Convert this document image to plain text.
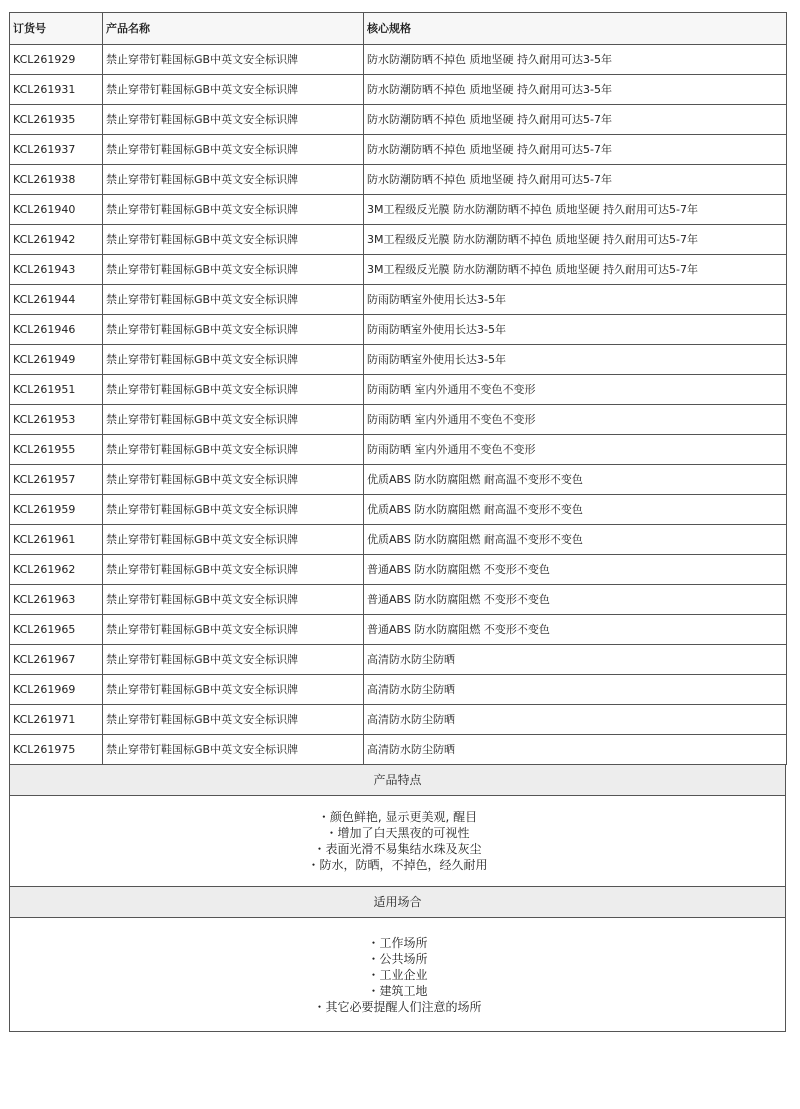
订货号	产品名称	核心规格
KCL261929	禁止穿带钉鞋国标GB中英文安全标识牌	防水防潮防晒不掉色 质地坚硬 持久耐用可达3-5年
KCL261931	禁止穿带钉鞋国标GB中英文安全标识牌	防水防潮防晒不掉色 质地坚硬 持久耐用可达3-5年
KCL261935	禁止穿带钉鞋国标GB中英文安全标识牌	防水防潮防晒不掉色 质地坚硬 持久耐用可达5-7年
KCL261937	禁止穿带钉鞋国标GB中英文安全标识牌	防水防潮防晒不掉色 质地坚硬 持久耐用可达5-7年
KCL261938	禁止穿带钉鞋国标GB中英文安全标识牌	防水防潮防晒不掉色 质地坚硬 持久耐用可达5-7年
KCL261940	禁止穿带钉鞋国标GB中英文安全标识牌	3M工程级反光膜 防水防潮防晒不掉色 质地坚硬 持久耐用可达5-7年
KCL261942	禁止穿带钉鞋国标GB中英文安全标识牌	3M工程级反光膜 防水防潮防晒不掉色 质地坚硬 持久耐用可达5-7年
KCL261943	禁止穿带钉鞋国标GB中英文安全标识牌	3M工程级反光膜 防水防潮防晒不掉色 质地坚硬 持久耐用可达5-7年
KCL261944	禁止穿带钉鞋国标GB中英文安全标识牌	防雨防晒室外使用长达3-5年
KCL261946	禁止穿带钉鞋国标GB中英文安全标识牌	防雨防晒室外使用长达3-5年
KCL261949	禁止穿带钉鞋国标GB中英文安全标识牌	防雨防晒室外使用长达3-5年
KCL261951	禁止穿带钉鞋国标GB中英文安全标识牌	防雨防晒 室内外通用不变色不变形
KCL261953	禁止穿带钉鞋国标GB中英文安全标识牌	防雨防晒 室内外通用不变色不变形
KCL261955	禁止穿带钉鞋国标GB中英文安全标识牌	防雨防晒 室内外通用不变色不变形
KCL261957	禁止穿带钉鞋国标GB中英文安全标识牌	优质ABS 防水防腐阻燃 耐高温不变形不变色
KCL261959	禁止穿带钉鞋国标GB中英文安全标识牌	优质ABS 防水防腐阻燃 耐高温不变形不变色
KCL261961	禁止穿带钉鞋国标GB中英文安全标识牌	优质ABS 防水防腐阻燃 耐高温不变形不变色
KCL261962	禁止穿带钉鞋国标GB中英文安全标识牌	普通ABS 防水防腐阻燃 不变形不变色
KCL261963	禁止穿带钉鞋国标GB中英文安全标识牌	普通ABS 防水防腐阻燃 不变形不变色
KCL261965	禁止穿带钉鞋国标GB中英文安全标识牌	普通ABS 防水防腐阻燃 不变形不变色
KCL261967	禁止穿带钉鞋国标GB中英文安全标识牌	高清防水防尘防晒
KCL261969	禁止穿带钉鞋国标GB中英文安全标识牌	高清防水防尘防晒
KCL261971	禁止穿带钉鞋国标GB中英文安全标识牌	高清防水防尘防晒
KCL261975	禁止穿带钉鞋国标GB中英文安全标识牌	高清防水防尘防晒
产品特点
・颜色鲜艳, 显示更美观, 醒目
・增加了白天黑夜的可视性
・表面光滑不易集结水珠及灰尘
・防水，防晒，不掉色，经久耐用
适用场合
・工作场所
・公共场所
・工业企业
・建筑工地
・其它必要提醒人们注意的场所
